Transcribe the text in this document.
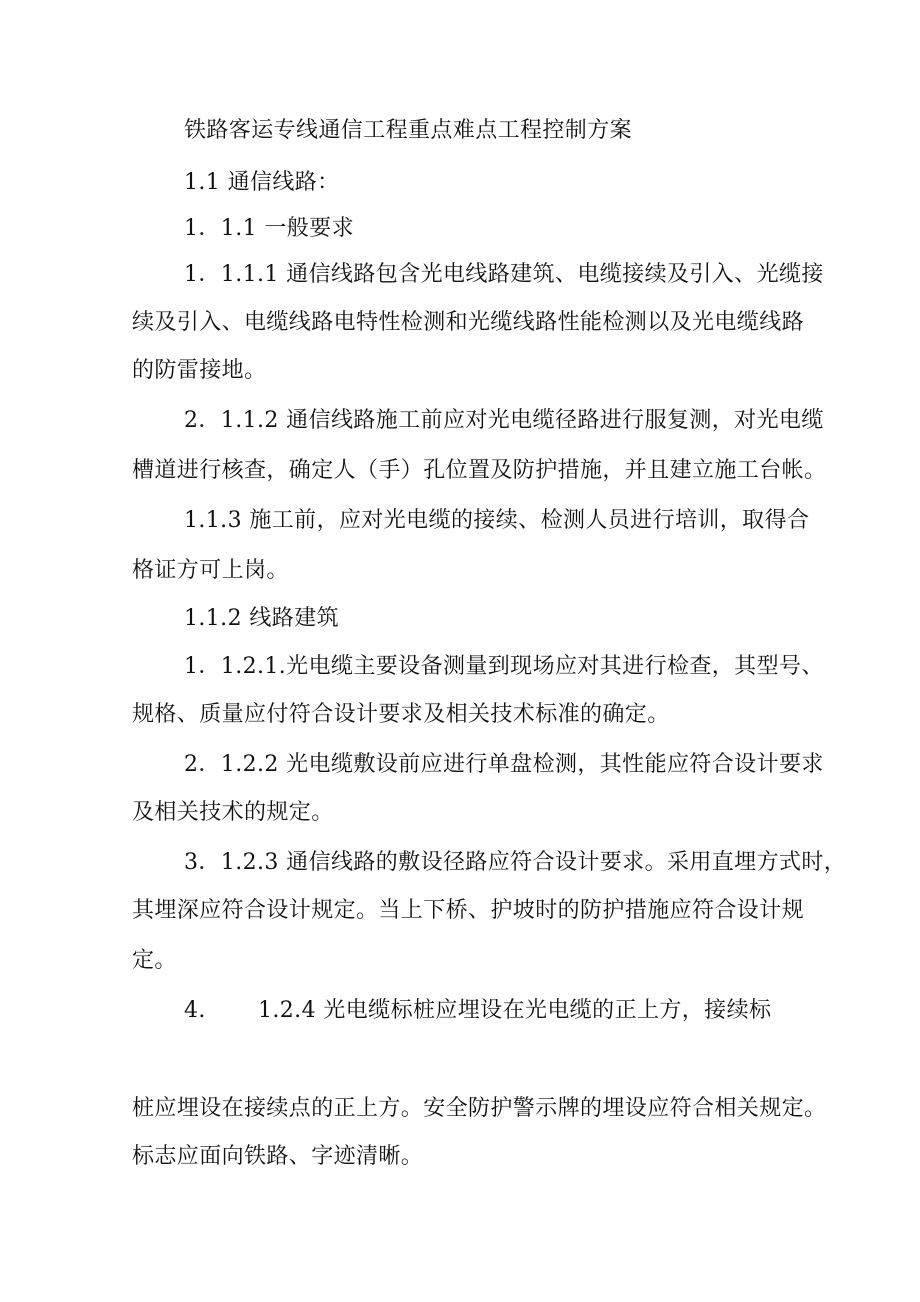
铁路客运专线通信工程重点难点工程控制方案
1.1 通信线路：
1．1.1 一般要求
1．1.1.1 通信线路包含光电线路建筑、电缆接续及引入、光缆接
续及引入、电缆线路电特性检测和光缆线路性能检测以及光电缆线路
的防雷接地。
2．1.1.2 通信线路施工前应对光电缆径路进行服复测，对光电缆
槽道进行核查，确定人（手）孔位置及防护措施，并且建立施工台帐。
1.1.3 施工前，应对光电缆的接续、检测人员进行培训，取得合
格证方可上岗。
1.1.2 线路建筑
1．1.2.1.光电缆主要设备测量到现场应对其进行检查，其型号、
规格、质量应付符合设计要求及相关技术标准的确定。
2．1.2.2 光电缆敷设前应进行单盘检测，其性能应符合设计要求
及相关技术的规定。
3．1.2.3 通信线路的敷设径路应符合设计要求。采用直埋方式时，
其埋深应符合设计规定。当上下桥、护坡时的防护措施应符合设计规
定。
4. 1.2.4 光电缆标桩应埋设在光电缆的正上方，接续标
桩应埋设在接续点的正上方。安全防护警示牌的埋设应符合相关规定。
标志应面向铁路、字迹清晰。
